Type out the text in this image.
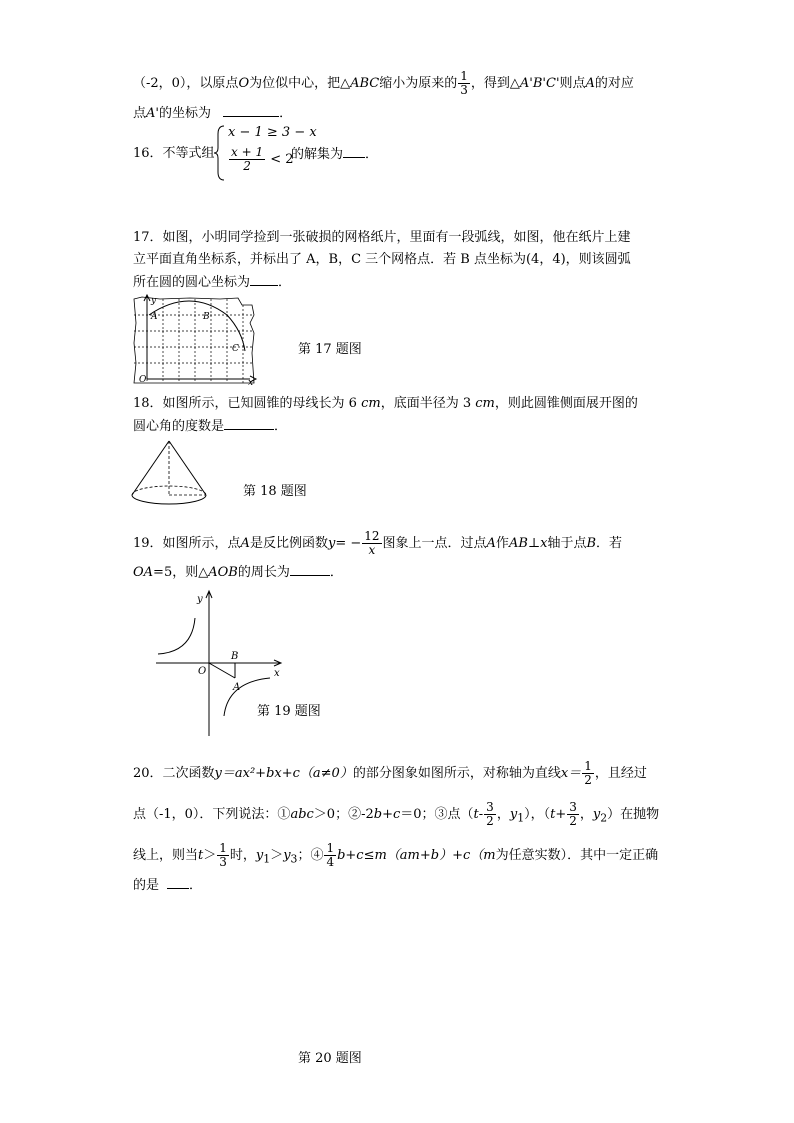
（-2，0），以原点O为位似中心，把△ABC缩小为原来的 $\frac{1}{3}$ ，得到△A'B'C'则点A的对应
点A'的坐标为	．
16．不等式组
x − 1 ≥ 3 − x
$\frac{x + 1}{2} < 2$
的解集为 ．
17．如图，小明同学捡到一张破损的网格纸片，里面有一段弧线，如图，他在纸片上建
立平面直角坐标系，并标出了 A，B，C 三个网格点．若 B 点坐标为(4，4)，则该圆弧
所在圆的圆心坐标为 ．
y
A	B
C
O	x
第 17 题图
18．如图所示，已知圆锥的母线长为 6 cm，底面半径为 3 cm，则此圆锥侧面展开图的
圆心角的度数是	．
第 18 题图
19．如图所示，点A是反比例函数$y= - \frac{12}{x}$ 图象上一点．过点A作AB⊥x轴于点B．若
OA=5，则△AOB的周长为	．
y
x
O
B
A
第 19 题图
20．二次函数y＝ax²+bx+c（a≠0）的部分图象如图所示，对称轴为直线$x= \frac{1}{2}$ ，且经过
点（-1，0）．下列说法：①abc＞0；②-2b+c＝0；③点（$t- \frac{3}{2}$ ，$y_1$），（$t+ \frac{3}{2}$ ，$y_2$）在抛物
线上，则当$t> \frac{1}{3}$ 时，$y_1>y_3$；④ $\frac{1}{4} b+c\le m(am+b)+c(m$为任意实数）．其中一定正确
的是 ．
第 20 题图
